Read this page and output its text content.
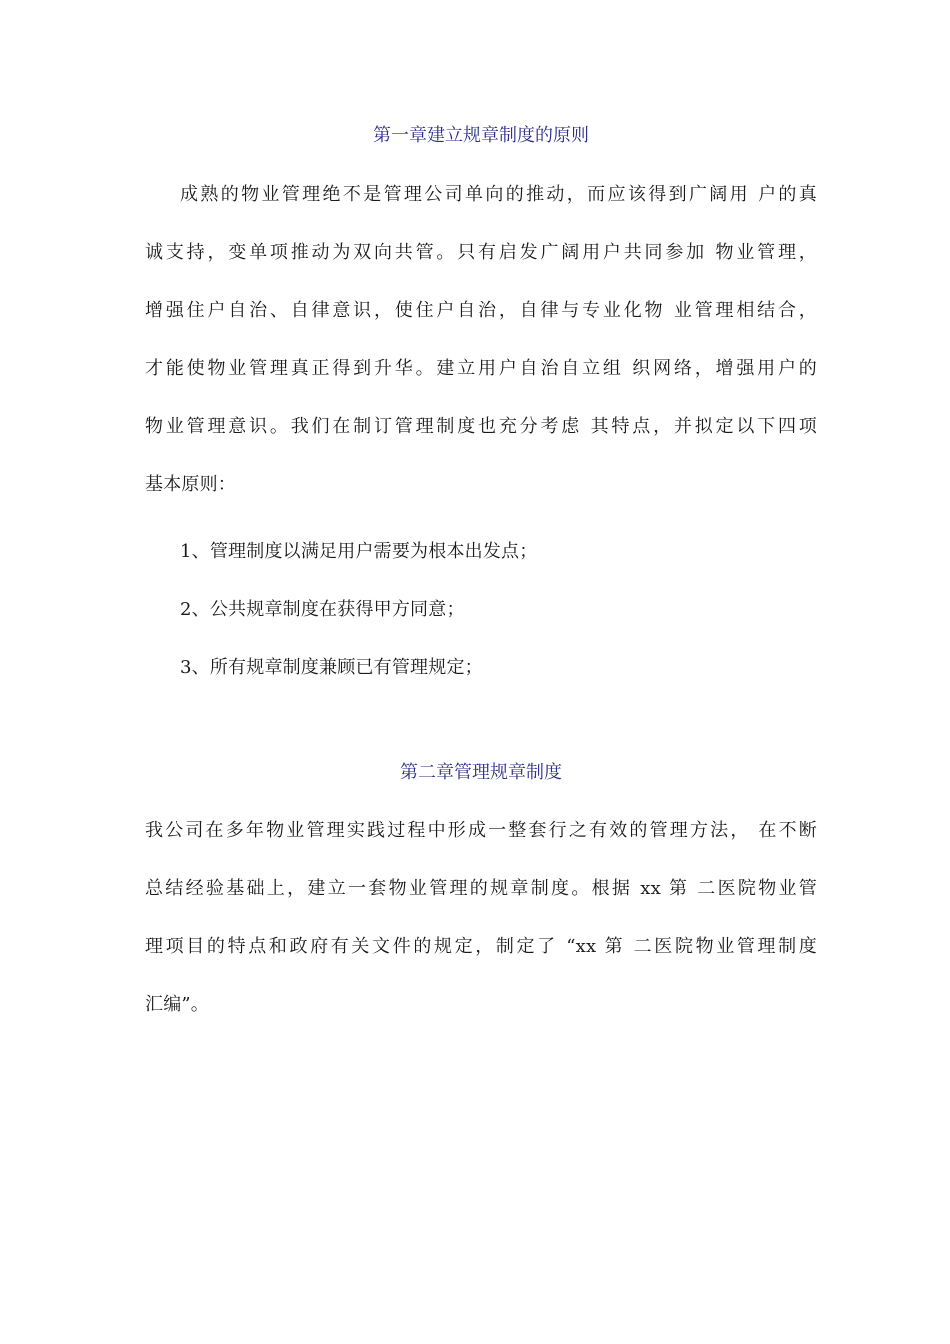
第一章建立规章制度的原则
成熟的物业管理绝不是管理公司单向的推动，而应该得到广阔用 户的真
诚支持，变单项推动为双向共管。只有启发广阔用户共同参加 物业管理，
增强住户自治、自律意识，使住户自治，自律与专业化物 业管理相结合，
才能使物业管理真正得到升华。建立用户自治自立组 织网络，增强用户的
物业管理意识。我们在制订管理制度也充分考虑 其特点，并拟定以下四项
基本原则：
1、管理制度以满足用户需要为根本出发点；
2、公共规章制度在获得甲方同意；
3、所有规章制度兼顾已有管理规定；
第二章管理规章制度
我公司在多年物业管理实践过程中形成一整套行之有效的管理方法， 在不断
总结经验基础上，建立一套物业管理的规章制度。根据 xx 第 二医院物业管
理项目的特点和政府有关文件的规定，制定了 “xx 第 二医院物业管理制度
汇编”。
